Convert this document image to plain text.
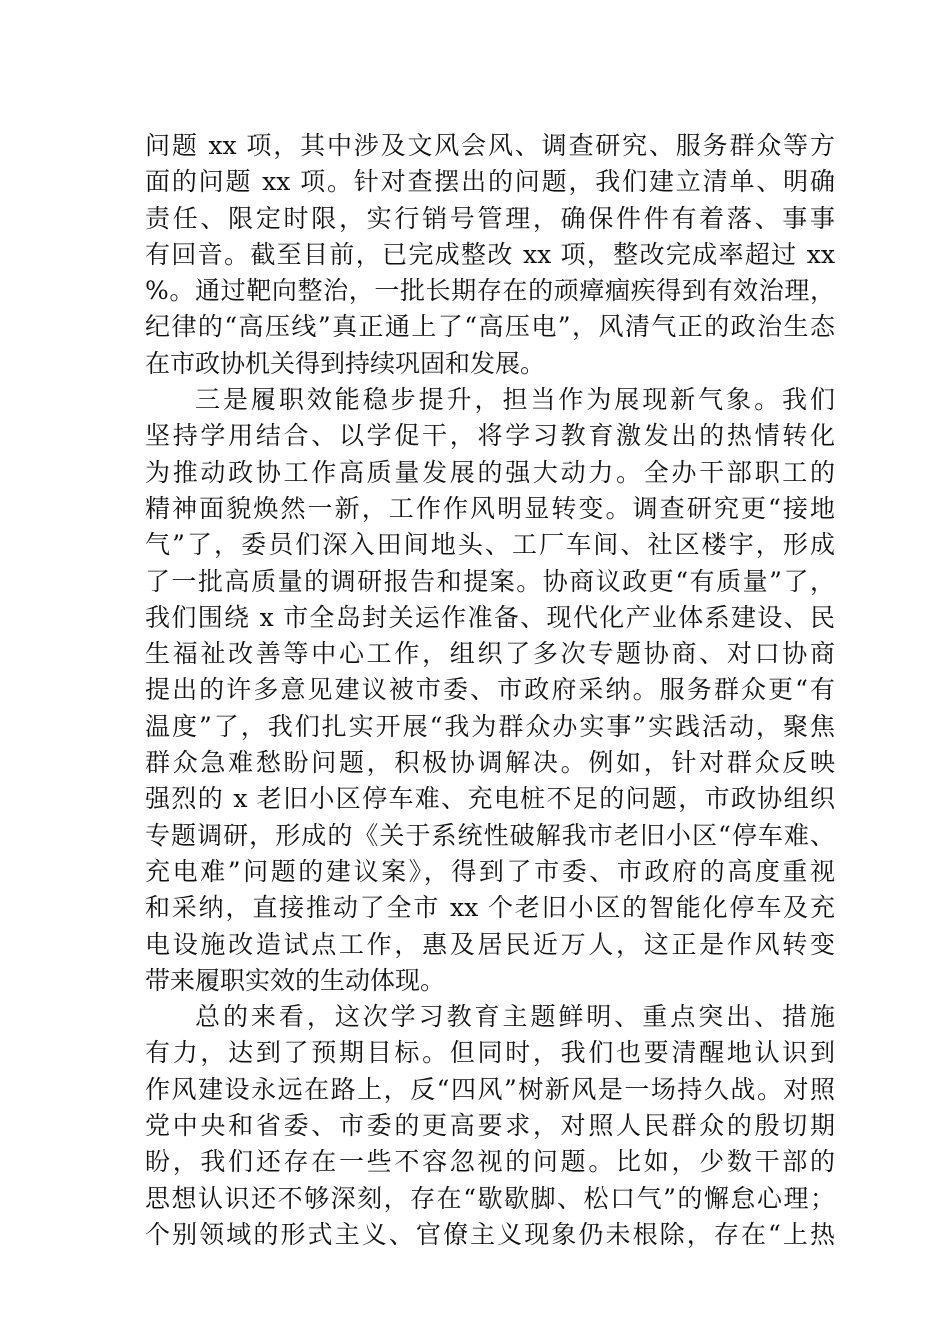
问题 xx 项，其中涉及文风会风、调查研究、服务群众等方
面的问题 xx 项。针对查摆出的问题，我们建立清单、明确
责任、限定时限，实行销号管理，确保件件有着落、事事
有回音。截至目前，已完成整改 xx 项，整改完成率超过 xx
%。通过靶向整治，一批长期存在的顽瘴痼疾得到有效治理，
纪律的“高压线”真正通上了“高压电”，风清气正的政治生态
在市政协机关得到持续巩固和发展。
三是履职效能稳步提升，担当作为展现新气象。我们
坚持学用结合、以学促干，将学习教育激发出的热情转化
为推动政协工作高质量发展的强大动力。全办干部职工的
精神面貌焕然一新，工作作风明显转变。调查研究更“接地
气”了，委员们深入田间地头、工厂车间、社区楼宇，形成
了一批高质量的调研报告和提案。协商议政更“有质量”了，
我们围绕 x 市全岛封关运作准备、现代化产业体系建设、民
生福祉改善等中心工作，组织了多次专题协商、对口协商
提出的许多意见建议被市委、市政府采纳。服务群众更“有
温度”了，我们扎实开展“我为群众办实事”实践活动，聚焦
群众急难愁盼问题，积极协调解决。例如，针对群众反映
强烈的 x 老旧小区停车难、充电桩不足的问题，市政协组织
专题调研，形成的《关于系统性破解我市老旧小区“停车难、
充电难”问题的建议案》，得到了市委、市政府的高度重视
和采纳，直接推动了全市 xx 个老旧小区的智能化停车及充
电设施改造试点工作，惠及居民近万人，这正是作风转变
带来履职实效的生动体现。
总的来看，这次学习教育主题鲜明、重点突出、措施
有力，达到了预期目标。但同时，我们也要清醒地认识到
作风建设永远在路上，反“四风”树新风是一场持久战。对照
党中央和省委、市委的更高要求，对照人民群众的殷切期
盼，我们还存在一些不容忽视的问题。比如，少数干部的
思想认识还不够深刻，存在“歇歇脚、松口气”的懈怠心理；
个别领域的形式主义、官僚主义现象仍未根除，存在“上热
